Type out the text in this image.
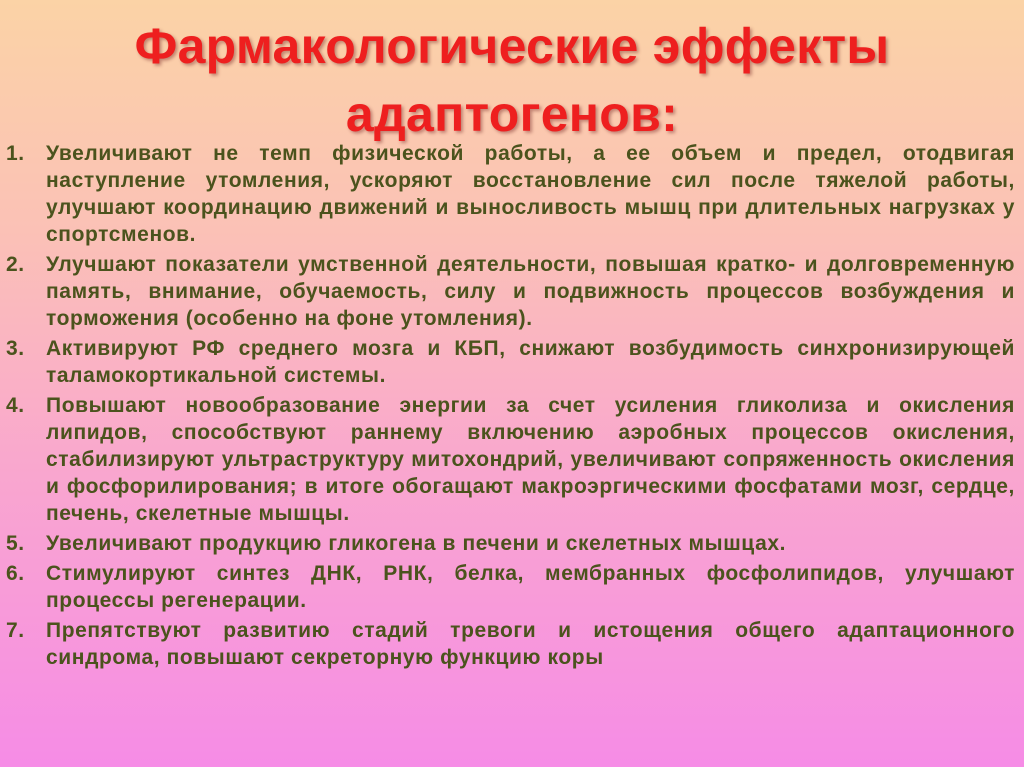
Фармакологические эффекты
адаптогенов:
1. Увеличивают не темп физической работы, а ее объем и предел, отодвигая наступление утомления, ускоряют восстановление сил после тяжелой работы, улучшают координацию движений и выносливость мышц при длительных нагрузках у спортсменов.
2. Улучшают показатели умственной деятельности, повышая кратко- и долговременную память, внимание, обучаемость, силу и подвижность процессов возбуждения и торможения (особенно на фоне утомления).
3. Активируют РФ среднего мозга и КБП, снижают возбудимость синхронизирующей таламокортикальной системы.
4. Повышают новообразование энергии за счет усиления гликолиза и окисления липидов, способствуют раннему включению аэробных процессов окисления, стабилизируют ультраструктуру митохондрий, увеличивают сопряженность окисления и фосфорилирования; в итоге обогащают макроэргическими фосфатами мозг, сердце, печень, скелетные мышцы.
5. Увеличивают продукцию гликогена в печени и скелетных мышцах.
6. Стимулируют синтез ДНК, РНК, белка, мембранных фосфолипидов, улучшают процессы регенерации.
7. Препятствуют развитию стадий тревоги и истощения общего адаптационного синдрома, повышают секреторную функцию коры
